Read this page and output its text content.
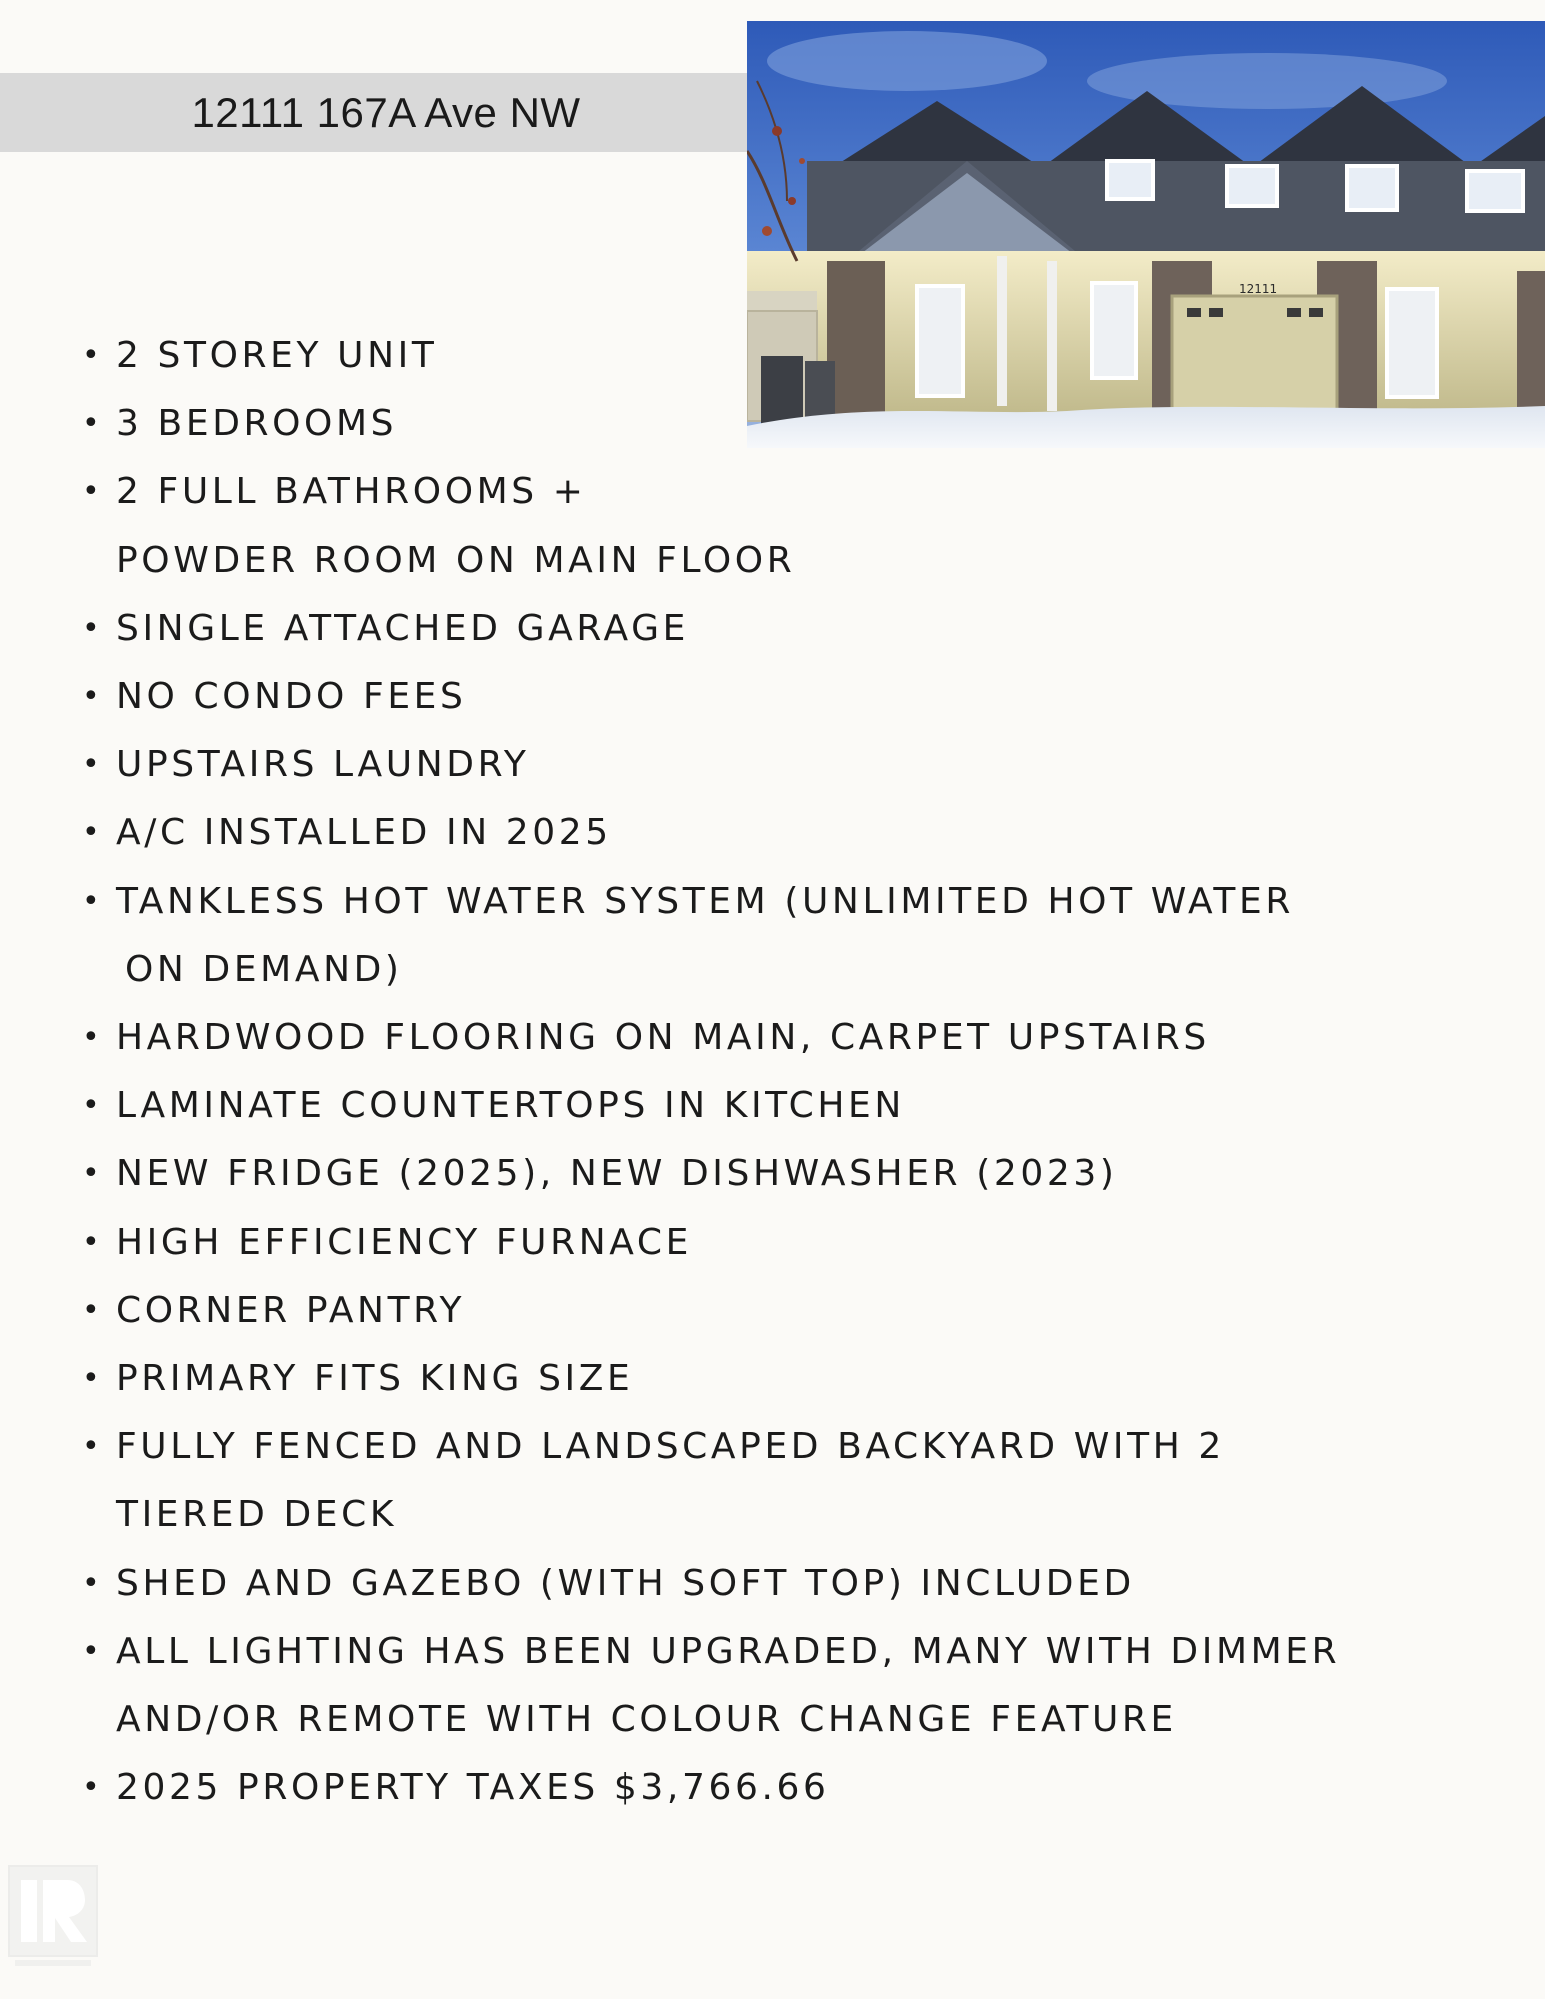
12111 167A Ave NW
12111
• 2 STOREY UNIT
• 3 BEDROOMS
• 2 FULL BATHROOMS +
POWDER ROOM ON MAIN FLOOR
• SINGLE ATTACHED GARAGE
• NO CONDO FEES
• UPSTAIRS LAUNDRY
• A/C INSTALLED IN 2025
• TANKLESS HOT WATER SYSTEM (UNLIMITED HOT WATER
ON DEMAND)
• HARDWOOD FLOORING ON MAIN, CARPET UPSTAIRS
• LAMINATE COUNTERTOPS IN KITCHEN
• NEW FRIDGE (2025), NEW DISHWASHER (2023)
• HIGH EFFICIENCY FURNACE
• CORNER PANTRY
• PRIMARY FITS KING SIZE
• FULLY FENCED AND LANDSCAPED BACKYARD WITH 2
TIERED DECK
• SHED AND GAZEBO (WITH SOFT TOP) INCLUDED
• ALL LIGHTING HAS BEEN UPGRADED, MANY WITH DIMMER
AND/OR REMOTE WITH COLOUR CHANGE FEATURE
• 2025 PROPERTY TAXES $3,766.66
